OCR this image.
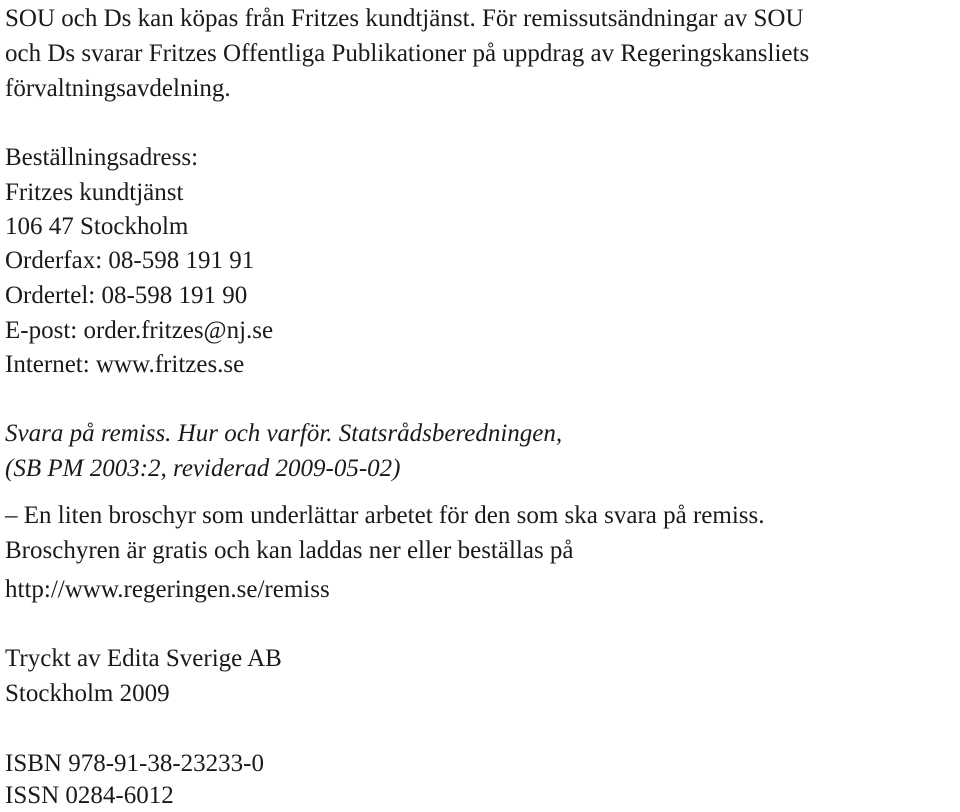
SOU och Ds kan köpas från Fritzes kundtjänst. För remissutsändningar av SOU
och Ds svarar Fritzes Offentliga Publikationer på uppdrag av Regeringskansliets
förvaltningsavdelning.
Beställningsadress:
Fritzes kundtjänst
106 47 Stockholm
Orderfax: 08-598 191 91
Ordertel: 08-598 191 90
E-post: order.fritzes@nj.se
Internet: www.fritzes.se
Svara på remiss. Hur och varför. Statsrådsberedningen,
(SB PM 2003:2, reviderad 2009-05-02)
– En liten broschyr som underlättar arbetet för den som ska svara på remiss.
Broschyren är gratis och kan laddas ner eller beställas på
http://www.regeringen.se/remiss
Tryckt av Edita Sverige AB
Stockholm 2009
ISBN 978-91-38-23233-0
ISSN 0284-6012
